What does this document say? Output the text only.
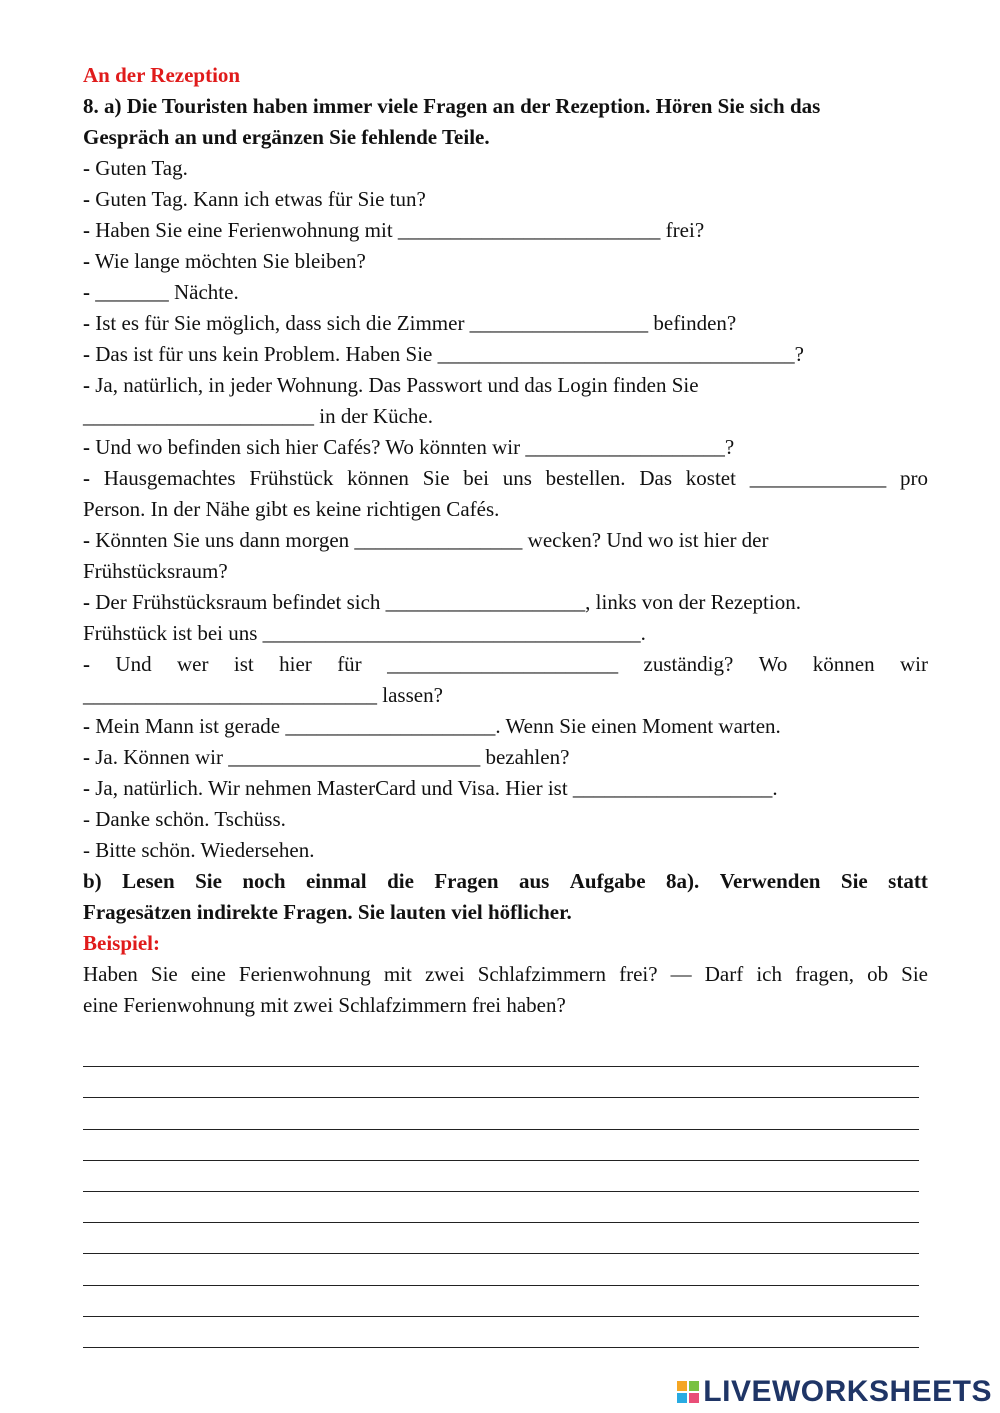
An der Rezeption
8. a) Die Touristen haben immer viele Fragen an der Rezeption. Hören Sie sich das
Gespräch an und ergänzen Sie fehlende Teile.
- Guten Tag.
- Guten Tag. Kann ich etwas für Sie tun?
- Haben Sie eine Ferienwohnung mit _________________________ frei?
- Wie lange möchten Sie bleiben?
- _______ Nächte.
- Ist es für Sie möglich, dass sich die Zimmer _________________ befinden?
- Das ist für uns kein Problem. Haben Sie __________________________________?
- Ja, natürlich, in jeder Wohnung. Das Passwort und das Login finden Sie
______________________ in der Küche.
- Und wo befinden sich hier Cafés? Wo könnten wir ___________________?
- Hausgemachtes Frühstück können Sie bei uns bestellen. Das kostet _____________ pro
Person. In der Nähe gibt es keine richtigen Cafés.
- Könnten Sie uns dann morgen ________________ wecken? Und wo ist hier der
Frühstücksraum?
- Der Frühstücksraum befindet sich ___________________, links von der Rezeption.
Frühstück ist bei uns ____________________________________.
- Und wer ist hier für ______________________ zuständig? Wo können wir
____________________________ lassen?
- Mein Mann ist gerade ____________________. Wenn Sie einen Moment warten.
- Ja. Können wir ________________________ bezahlen?
- Ja, natürlich. Wir nehmen MasterCard und Visa. Hier ist ___________________.
- Danke schön. Tschüss.
- Bitte schön. Wiedersehen.
b) Lesen Sie noch einmal die Fragen aus Aufgabe 8a). Verwenden Sie statt
Fragesätzen indirekte Fragen. Sie lauten viel höflicher.
Beispiel:
Haben Sie eine Ferienwohnung mit zwei Schlafzimmern frei? — Darf ich fragen, ob Sie
eine Ferienwohnung mit zwei Schlafzimmern frei haben?
LIVEWORKSHEETS
